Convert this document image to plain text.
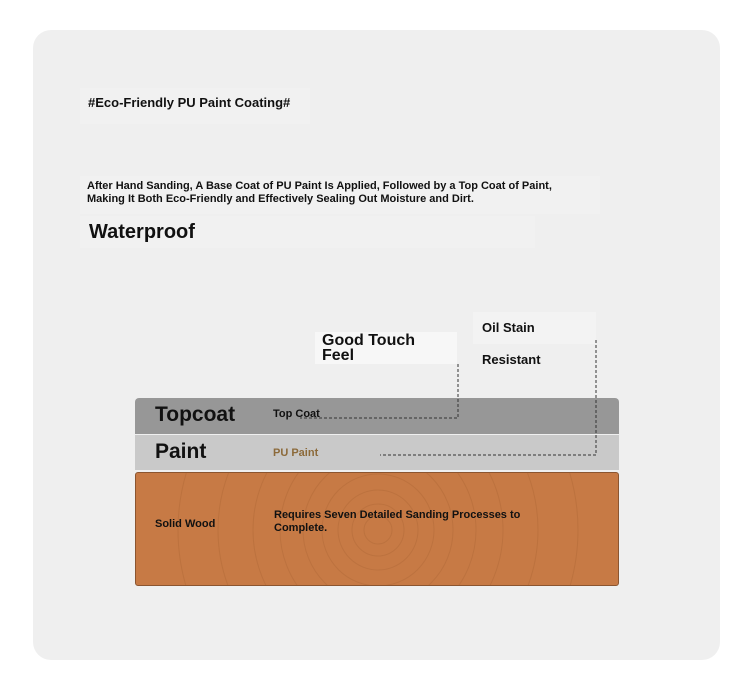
#Eco-Friendly PU Paint Coating#
After Hand Sanding, A Base Coat of PU Paint Is Applied, Followed by a Top Coat of Paint,
Making It Both Eco-Friendly and Effectively Sealing Out Moisture and Dirt.
Waterproof
Oil Stain Resistant
Good Touch
Feel
Topcoat	Top Coat
Paint	PU Paint
Solid Wood
Requires Seven Detailed Sanding Processes to
Complete.
